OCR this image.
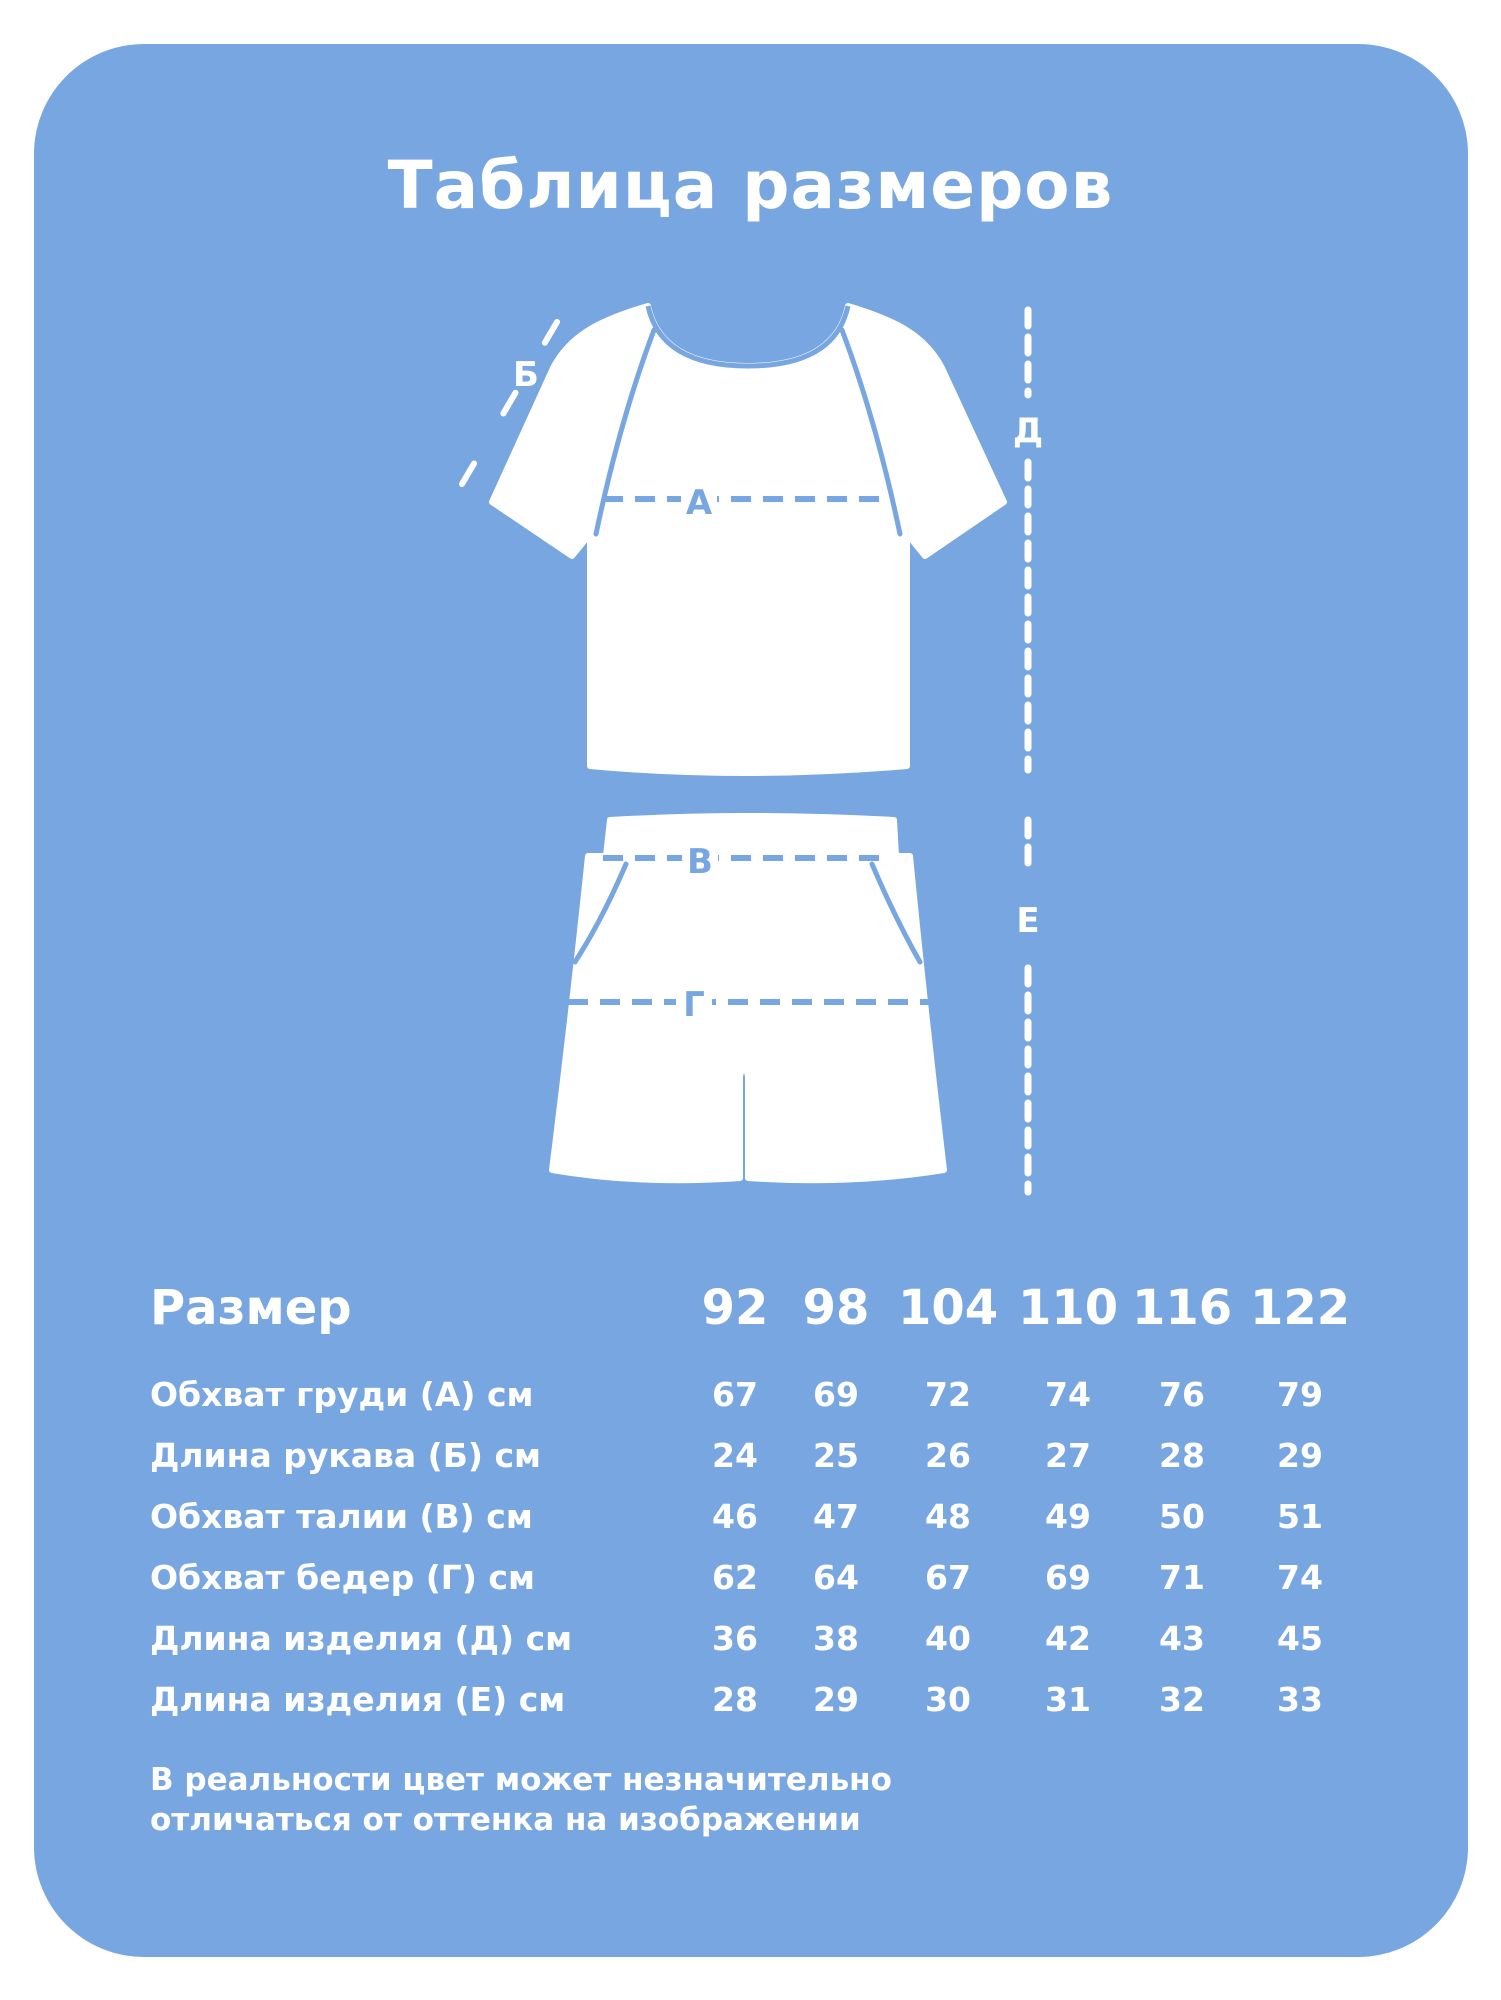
Таблица размеров
А
Б
В
Г
Д
Е
Размер	92 98 104 110 116 122
Обхват груди (А) см	67	69	72	74	76	79
Длина рукава (Б) см	24	25	26	27	28	29
Обхват талии (В) см	46	47	48	49	50	51
Обхват бедер (Г) см	62	64	67	69	71	74
Длина изделия (Д) см	36	38	40	42	43	45
Длина изделия (Е) см	28	29	30	31	32	33
В реальности цвет может незначительно
отличаться от оттенка на изображении
